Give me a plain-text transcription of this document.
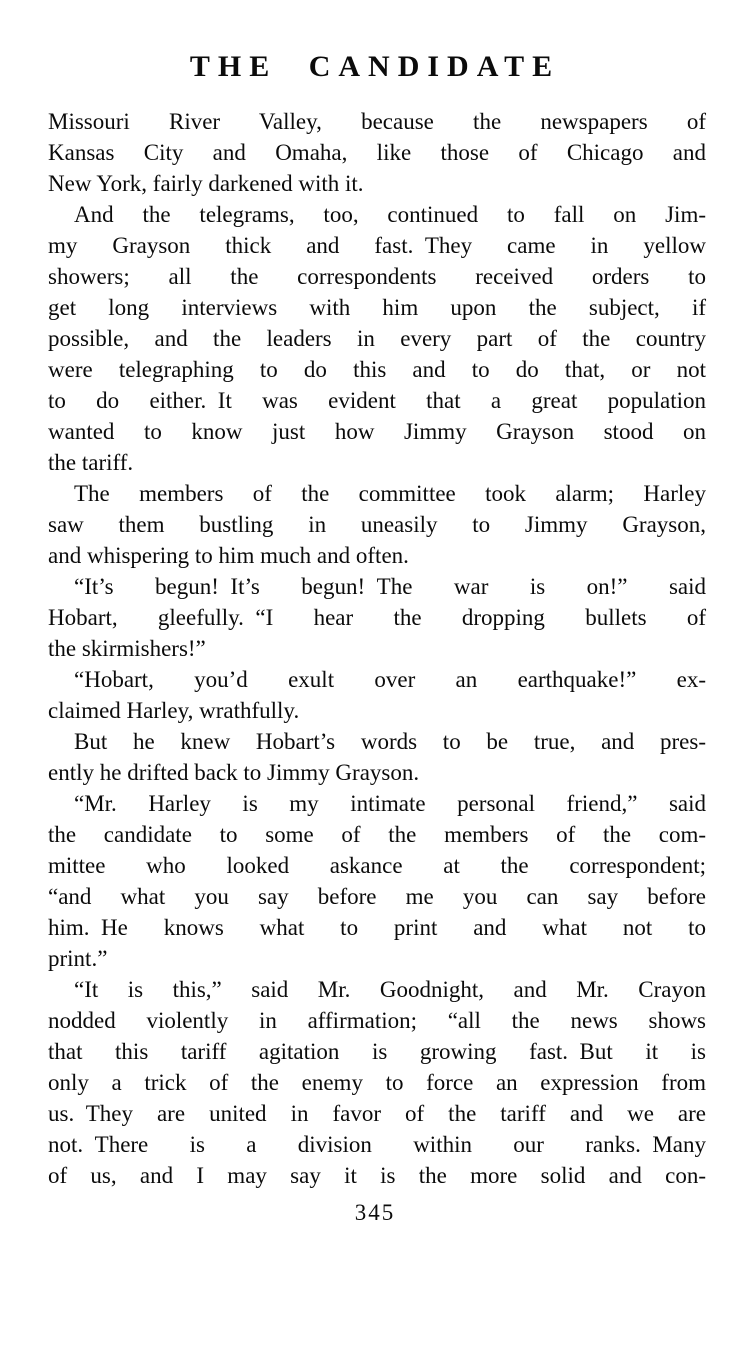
THE CANDIDATE
Missouri River Valley, because the newspapers of
Kansas City and Omaha, like those of Chicago and
New York, fairly darkened with it.
And the telegrams, too, continued to fall on Jim-
my Grayson thick and fast. They came in yellow
showers; all the correspondents received orders to
get long interviews with him upon the subject, if
possible, and the leaders in every part of the country
were telegraphing to do this and to do that, or not
to do either. It was evident that a great population
wanted to know just how Jimmy Grayson stood on
the tariff.
The members of the committee took alarm; Harley
saw them bustling in uneasily to Jimmy Grayson,
and whispering to him much and often.
“It’s begun! It’s begun! The war is on!” said
Hobart, gleefully. “I hear the dropping bullets of
the skirmishers!”
“Hobart, you’d exult over an earthquake!” ex-
claimed Harley, wrathfully.
But he knew Hobart’s words to be true, and pres-
ently he drifted back to Jimmy Grayson.
“Mr. Harley is my intimate personal friend,” said
the candidate to some of the members of the com-
mittee who looked askance at the correspondent;
“and what you say before me you can say before
him. He knows what to print and what not to
print.”
“It is this,” said Mr. Goodnight, and Mr. Crayon
nodded violently in affirmation; “all the news shows
that this tariff agitation is growing fast. But it is
only a trick of the enemy to force an expression from
us. They are united in favor of the tariff and we are
not. There is a division within our ranks. Many
of us, and I may say it is the more solid and con-
345
